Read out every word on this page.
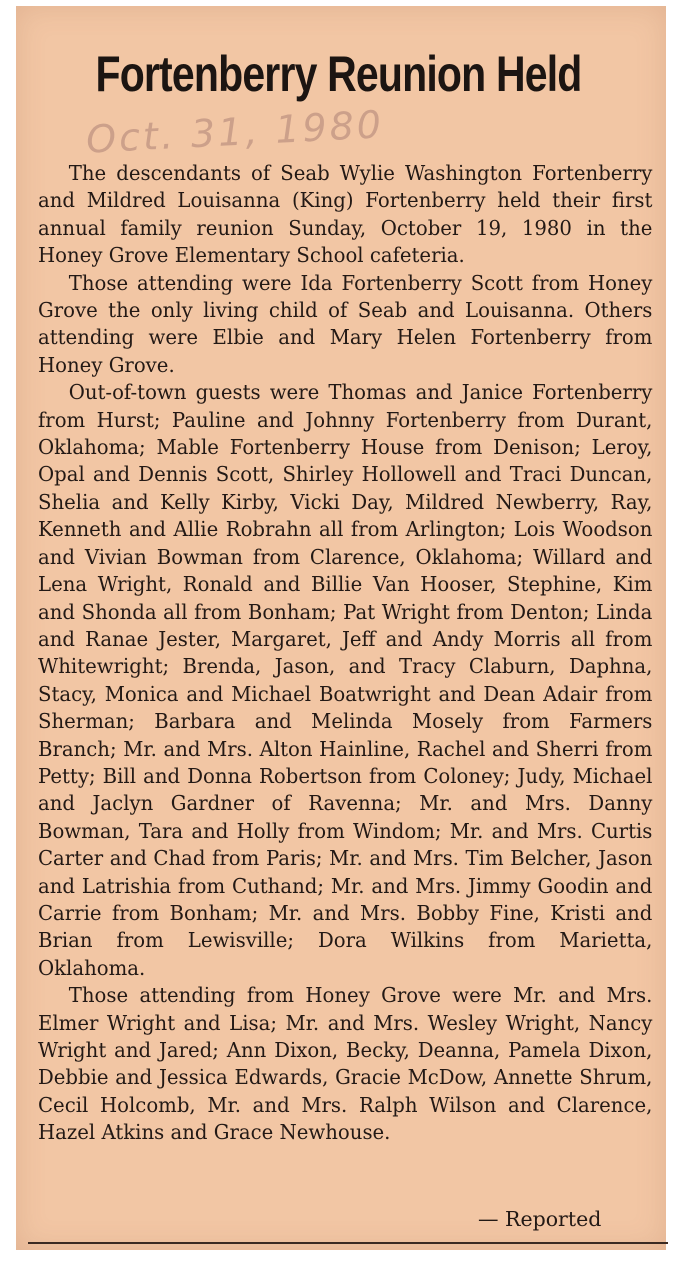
Fortenberry Reunion Held
Oct. 31, 1980

The descendants of Seab Wylie Washington Fortenberry and Mildred Louisanna (King) Fortenberry held their first annual family reunion Sunday, October 19, 1980 in the Honey Grove Elementary School cafeteria.

Those attending were Ida Fortenberry Scott from Honey Grove the only living child of Seab and Louisanna. Others attending were Elbie and Mary Helen Fortenberry from Honey Grove.

Out-of-town guests were Thomas and Janice Fortenberry from Hurst; Pauline and Johnny Fortenberry from Durant, Oklahoma; Mable Fortenberry House from Denison; Leroy, Opal and Dennis Scott, Shirley Hollowell and Traci Duncan, Shelia and Kelly Kirby, Vicki Day, Mildred Newberry, Ray, Kenneth and Allie Robrahn all from Arlington; Lois Woodson and Vivian Bowman from Clarence, Oklahoma; Willard and Lena Wright, Ronald and Billie Van Hooser, Stephine, Kim and Shonda all from Bonham; Pat Wright from Denton; Linda and Ranae Jester, Margaret, Jeff and Andy Morris all from Whitewright; Brenda, Jason, and Tracy Claburn, Daphna, Stacy, Monica and Michael Boatwright and Dean Adair from Sherman; Barbara and Melinda Mosely from Farmers Branch; Mr. and Mrs. Alton Hainline, Rachel and Sherri from Petty; Bill and Donna Robertson from Coloney; Judy, Michael and Jaclyn Gardner of Ravenna; Mr. and Mrs. Danny Bowman, Tara and Holly from Windom; Mr. and Mrs. Curtis Carter and Chad from Paris; Mr. and Mrs. Tim Belcher, Jason and Latrishia from Cuthand; Mr. and Mrs. Jimmy Goodin and Carrie from Bonham; Mr. and Mrs. Bobby Fine, Kristi and Brian from Lewisville; Dora Wilkins from Marietta, Oklahoma.

Those attending from Honey Grove were Mr. and Mrs. Elmer Wright and Lisa; Mr. and Mrs. Wesley Wright, Nancy Wright and Jared; Ann Dixon, Becky, Deanna, Pamela Dixon, Debbie and Jessica Edwards, Gracie McDow, Annette Shrum, Cecil Holcomb, Mr. and Mrs. Ralph Wilson and Clarence, Hazel Atkins and Grace Newhouse.

— Reported
